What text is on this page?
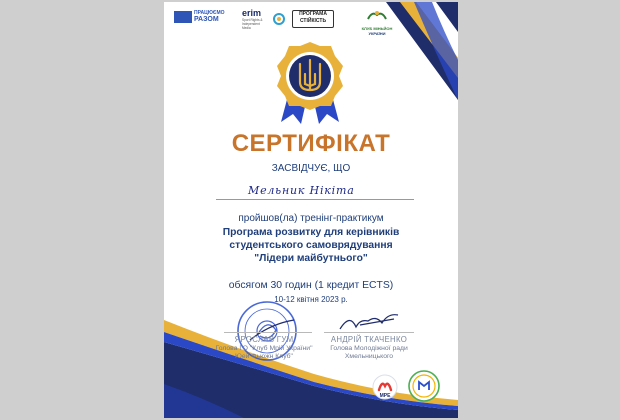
ПРАЦЮЄМО
РАЗОМ
erim
Sport Rights & Independent Media
ПРОГРАМА
СТІЙКІСТЬ
КЛУБ МІНЬЙОН
УКРАЇНИ
СЕРТИФІКАТ
ЗАСВІДЧУЄ, ЩО
Мельник Нікіта
пройшов(ла) тренінг-практикум
Програма розвитку для керівників
студентського самоврядування
"Лідери майбутнього"
обсягом 30 годин (1 кредит ECTS)
10-12 квітня 2023 р.
ЯРОСЛАВ ГУМ
Голова ГО "Клуб Мрій України"
Юей Фьюжн Клуб"
АНДРІЙ ТКАЧЕНКО
Голова Молодіжної ради
Хмельницького
МРЕ
